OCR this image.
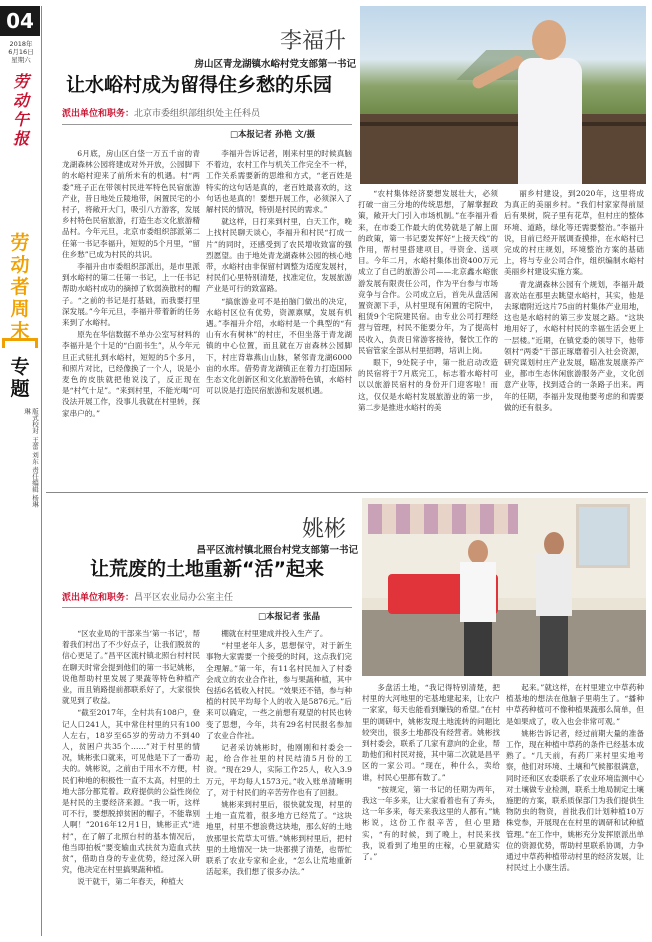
04
2018年
6月16日
星期六
劳动午报
劳动者周末
专题
版式校对 王蕾 刘东 责任编辑 杨琳琳
李福升
房山区青龙湖镇水峪村党支部第一书记
让水峪村成为留得住乡愁的乐园
派出单位和职务：北京市委组织部组织处主任科员
□本报记者 孙艳 文/摄

6月底，房山区白垡一万五千亩的青龙湖森林公园将建成对外开放，公园脚下的水峪村迎来了前所未有的机遇。村“两委”班子正在带领村民进军特色民宿旅游产业，昔日地处丘陵地带，闲置民宅的小村子，将敞开大门，吸引八方游客，发展乡村特色民宿旅游，打造生态文化旅游精品村。今年元旦，北京市委组织部派第二任第一书记李福升，短短的5个月里，“留住乡愁”已成为村民的共识。

李福升由市委组织部派出，是市里派到水峪村的第二任第一书记，上一任书记帮助水峪村成功的摘掉了软弱涣散村的帽子。“之前的书记是打基础，而我要打里深发展。”今年元旦，李福升带着新的任务来到了水峪村。

原先在华信数据不单办公室写材料的李福升是个十足的“白面书生”，从今年元旦正式驻扎到水峪村，短短的5个多月，和照片对比，已经像换了一个人，说是小麦色的皮肤就把他说浅了，反正现在是“村气十足”。“来到村里，不能光喝“可没法开展工作，没事儿我就在村里转，探家串户的。”

李福升告诉记者，刚来村里的时候真脑不着边，农村工作与机关工作完全不一样，工作关系需要新的思维和方式，“老百姓是特实的这句话是真的，老百姓最喜欢的，这句话也是真的！要想开展工作，必须深入了解村民的情况，特别是村民的需求。”

就这样，日打来到村里，白天工作，晚上找村民聊天谈心，李福升和村民“打成一片”的同时，还感受到了农民增收致富的强烈愿望。由于地处青龙湖森林公园的核心地带，水峪村由非保留村调整为适度发展村，村民们心里特别清楚，找准定位，发展旅游产业是可行的致富路。

“搞旅游业可不是拍脑门做出的决定，水峪村区位有优势，资源禀赋，发展有机遇。”李福升介绍，水峪村是一个典型的“有山有水有树林”的村庄，不但坐落于青龙湖镇的中心位置，而且就在万亩森林公园脚下，村庄背靠燕山山脉，紧邻青龙湖6000亩的水库。借势青龙湖镇正在着力打造国际生态文化创新区和文化旅游特色镇，水峪村可以说是打造民宿旅游和发展机遇。

“农村集体经济要想发展壮大，必须打破一亩三分地的传统思想，了解掌握政策，敞开大门引入市场机制。”在李福升看来，在市委工作最大的优势就是了解上面的政策，第一书记要发挥好“上接天线”的作用，帮村里搭建项目，寻资金、送项目。今年二月，水峪村集体出资400万元成立了自己的旅游公司——北京鑫水峪旅游发展有限责任公司，作为平台参与市场竞争与合作。公司成立后，首先从盘活闲置资源下手，从村里现有闲置的宅院中，租赁9个宅院建民宿。由专业公司打理经营与管理，村民不能要分年，为了提高村民收入，负责日常游客接待，餐饮工作的民宿管家全部从村里招聘，培训上岗。

眼下，9处院子中，第一批启动改造的民宿将于7月底完工，标志着水峪村可以以旅游民宿村的身份开门迎客啦！而这，仅仅是水峪村发展旅游业的第一步，第二步是推进水峪村的美

丽乡村建设，到2020年，这里将成为真正的美丽乡村。“我们村家家得前屋后有果树，院子里有花草，但村庄的整体环境、道路，绿化等还需要整治。”李福升说，目前已经开展调查摸排，在水峪村已完成的村庄规划，环境整治方案的基础上，将与专业公司合作，组织编制水峪村美丽乡村建设实施方案。

青龙湖森林公园有个规划，李福升最喜欢站在那里去眺望水峪村，其实，他是去琢磨附近这片75亩的村集体产业用地，这也是水峪村的第三步发展之路。“这块地用好了，水峪村村民的幸福生活会更上一层楼。”近期，在镇党委的领导下，他带领村“两委”干部正琢磨着引入社会资源，研究谋划村庄产业发展，瞄准发展康养产业，都市生态休闲旅游服务产业，文化创意产业等，找到适合的一条路子出来。两年的任期，李福升发现他要考虑的和需要做的还有很多。

姚彬
昌平区流村镇北照台村党支部第一书记
让荒废的土地重新“活”起来
派出单位和职务：昌平区农业局办公室主任
□本报记者 张晶

“区农业局的干部来当‘第一书记’，帮着我们村出了不少好点子，让我们脱贫的信心更足了。”昌平区流村镇北照台村村民在聊天时常会提到他们的第一书记姚彬，说他帮助村里发展了果蔬等特色种植产业，而且销路提前都联系好了，大家很快就见到了收益。

“截至2017年，全村共有108户，登记人口241人，其中常住村里的只有100人左右，18岁至65岁的劳动力不到40人，贫困户共35个……”对于村里的情况，姚彬张口就来，可见他是下了一番功夫的。姚彬说，之前由于用水不方便，村民们种地的积极性一直不太高，村里的土地大部分都荒着。政府提供的公益性岗位是村民的主要经济来源。“我一听，这样可不行，要想脱掉贫困的帽子，不能靠别人啊！”2016年12月1日，姚彬正式“进村”，在了解了北照台村的基本情况后，他当即拍板“要变输血式扶贫为造血式扶贫”，借助自身的专业优势，经过深入研究，他决定在村里搞果蔬种植。

说干就干，第二年春天，种植大

棚就在村里建成并投入生产了。

“村里老年人多，思想保守，对于新生事物大家需要一个接受的时间，这点我们完全理解。”第一年，有11名村民加入了村委会成立的农业合作社，参与果蔬种植，其中包括6名低收入村民。“效果还不错，参与种植的村民平均每个人的收入是5876元。”后来可以确定，一些之前想有观望的村民也转变了思想，今年，共有29名村民报名参加了农业合作社。

记者采访姚彬时，他刚刚和村委会一起，给合作社里的村民结清5月份的工资。“现在29人，实际工作25人，收入3.9万元，平均每人1573元。”收入账单清晰明了，对于村民们的辛苦劳作也有了回报。

姚彬来到村里后，很快就发现，村里的土地一直荒着，很多地方已经荒了。“这块地里，村里不想浪费这块地，那么好的土地放那里长荒草太可惜。”姚彬到村里后，把村里的土地情况一块一块都摸了清楚，也帮忙联系了农业专家和企业，“怎么让荒地重新活起来，我们想了很多办法。”

多盘活土地，“我记得特别清楚，把村里的大河地里的宅基地建起来，让农户一家家，每天也能看到赚钱的希望。”在村里的调研中，姚彬发现土地流转的问题比较突出，很多土地都没有经营者。姚彬找到村委会，联系了几家有意向的企业，帮助他们和村民对接，其中第二次就是昌平区的一家公司。“现在，种什么，卖给谁，村民心里都有数了。”

“按规定，第一书记的任期为两年，我这一年多来，让大家看着也有了奔头，这一年多来，每天来我这里的人都有。”姚彬说，这份工作很辛苦，但心里踏实，“有的时候，到了晚上，村民来找我，说看到了地里的庄稼，心里就踏实了。”

起来。”就这样，在村里建立中草药种植基地的想法在他脑子里萌生了。“播种中草药种植可不像种植果蔬那么简单，但是如果成了，收入也会非常可观。”

姚彬告诉记者，经过前期大量的准备工作，现在种植中草药的条件已经基本成熟了。“几天前，有药厂来村里实地考察，他们对环境、土壤和气候都很满意，同时还和区农委联系了农业环境监测中心对土壤做专业检测，联系土地局制定土壤施肥的方案，联系质保部门为我们提供生物防虫的物资，首批我们计划种植10万株党参，开展现在在村里的调研和试种植管理。”在工作中，姚彬充分发挥原派出单位的资源优势，帮助村里联系协调，力争通过中草药种植带动村里的经济发展，让村民过上小康生活。
